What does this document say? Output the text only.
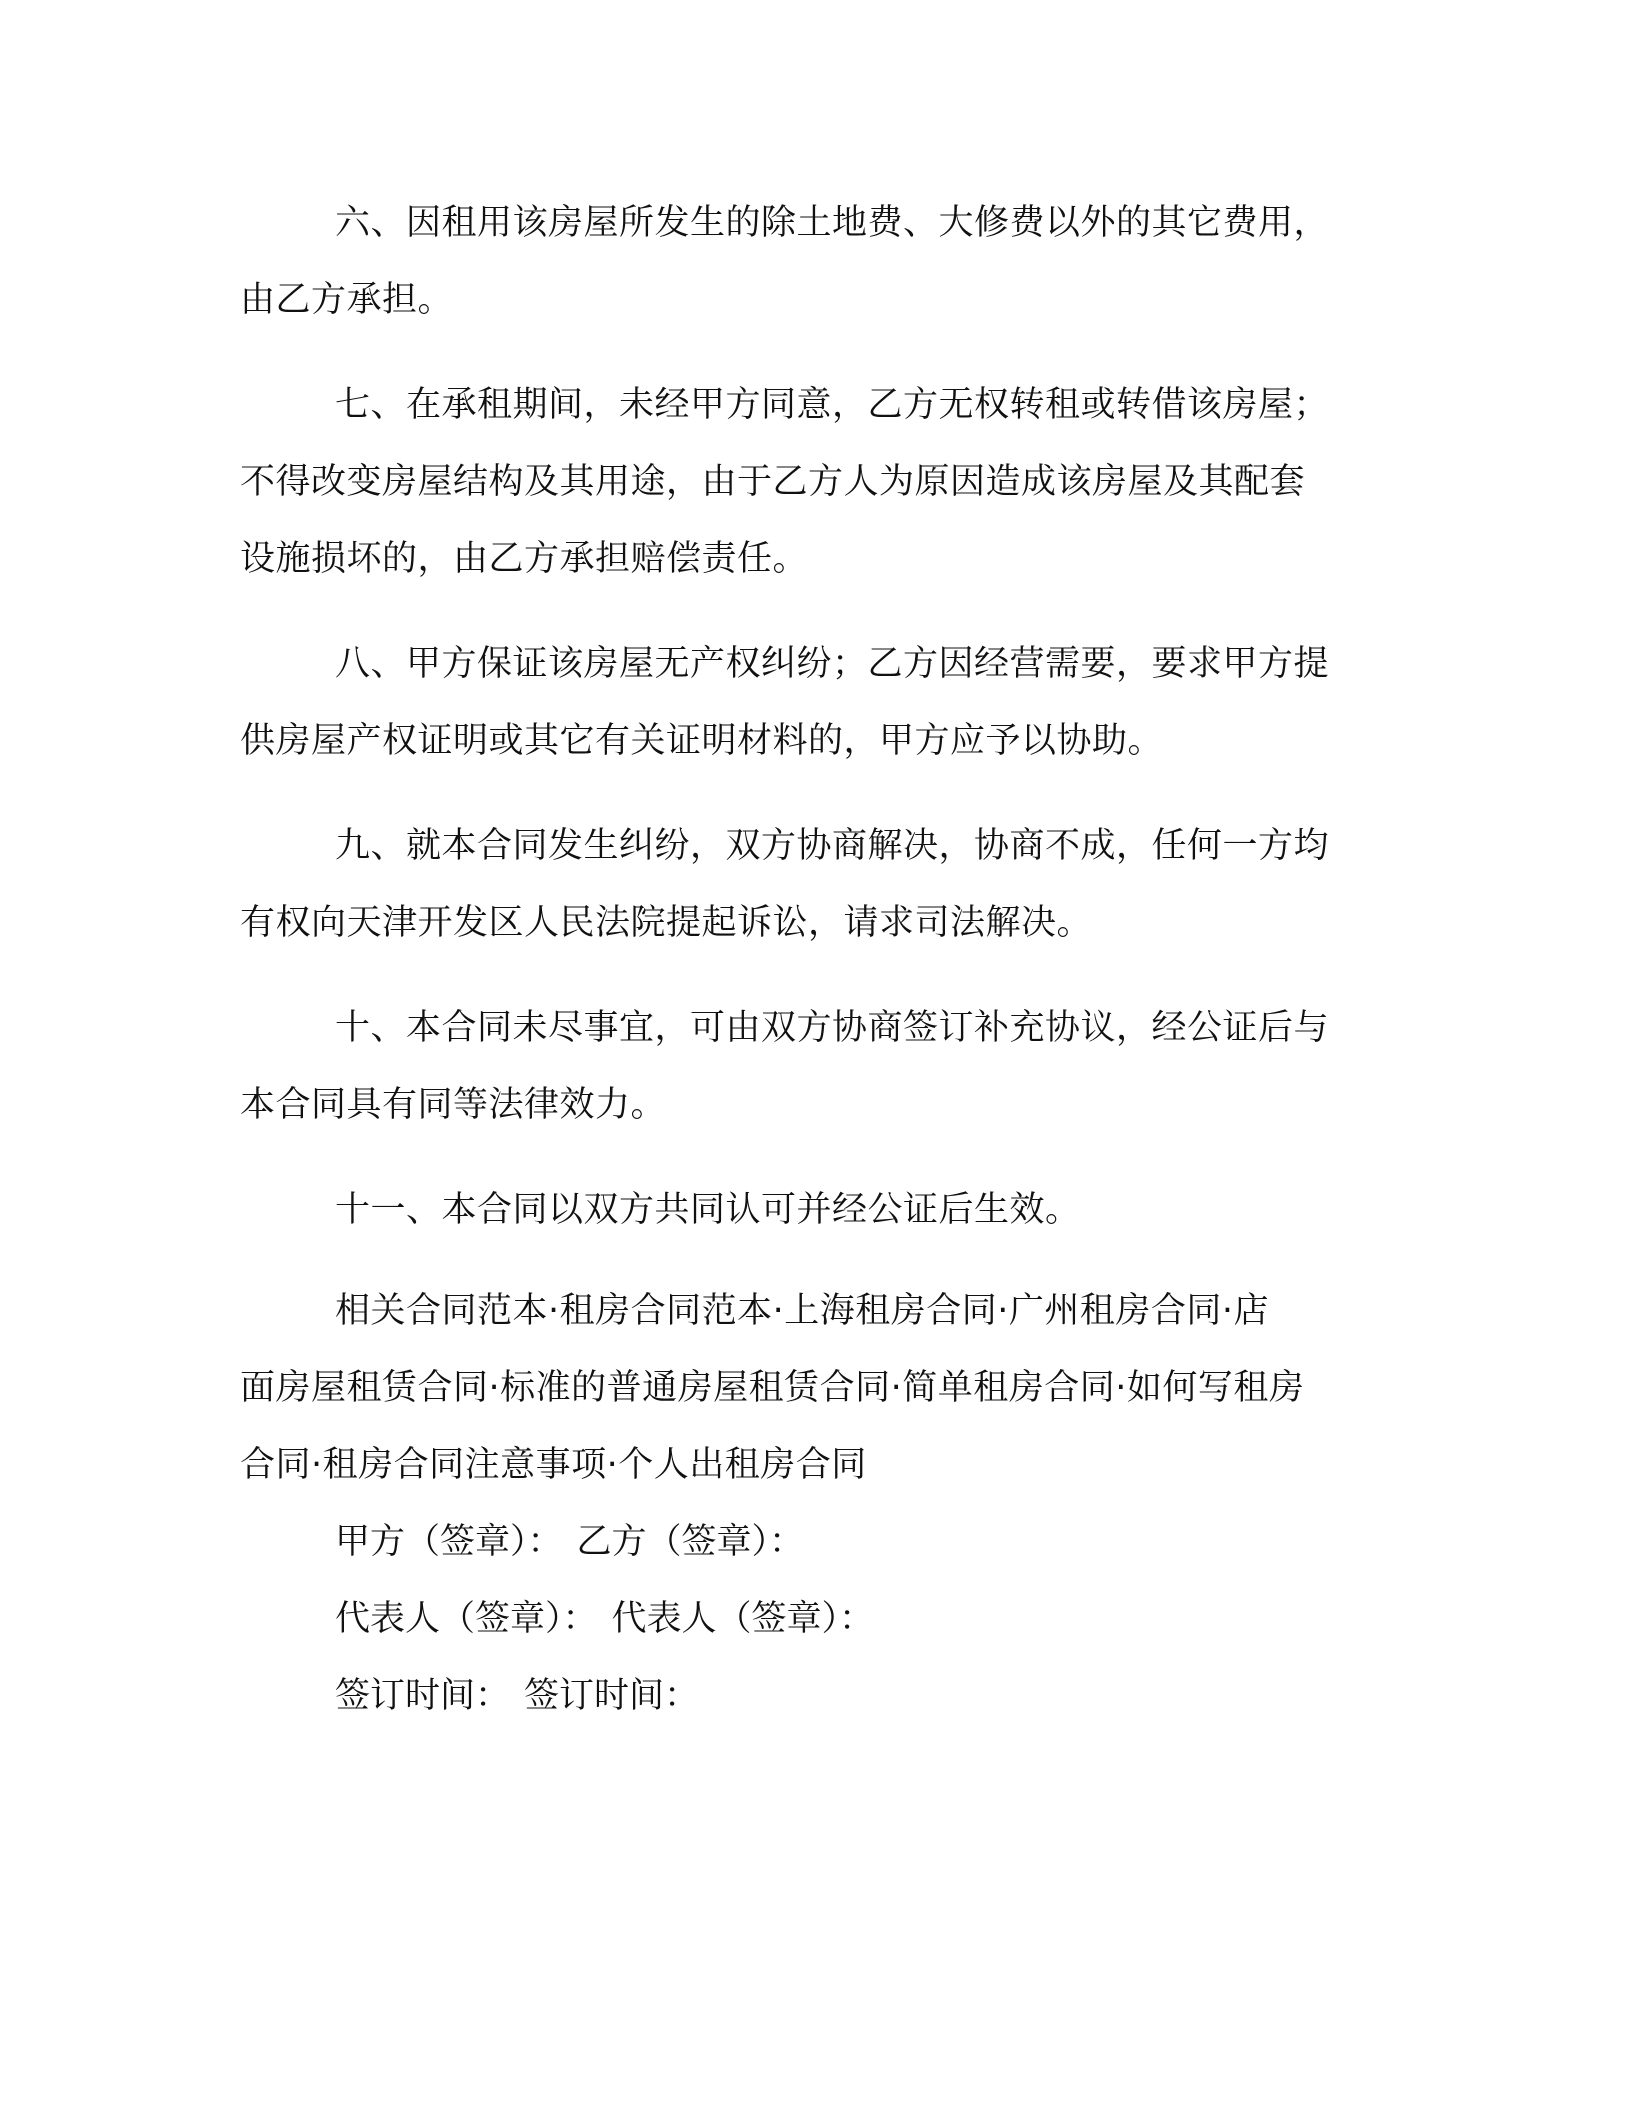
六、因租用该房屋所发生的除土地费、大修费以外的其它费用，
由乙方承担。

七、在承租期间，未经甲方同意，乙方无权转租或转借该房屋；
不得改变房屋结构及其用途，由于乙方人为原因造成该房屋及其配套
设施损坏的，由乙方承担赔偿责任。

八、甲方保证该房屋无产权纠纷；乙方因经营需要，要求甲方提
供房屋产权证明或其它有关证明材料的，甲方应予以协助。

九、就本合同发生纠纷，双方协商解决，协商不成，任何一方均
有权向天津开发区人民法院提起诉讼，请求司法解决。

十、本合同未尽事宜，可由双方协商签订补充协议，经公证后与
本合同具有同等法律效力。

十一、本合同以双方共同认可并经公证后生效。

相关合同范本·租房合同范本·上海租房合同·广州租房合同·店
面房屋租赁合同·标准的普通房屋租赁合同·简单租房合同·如何写租房
合同·租房合同注意事项·个人出租房合同

甲方（签章）： 乙方（签章）：

代表人（签章）： 代表人（签章）：

签订时间： 签订时间：
